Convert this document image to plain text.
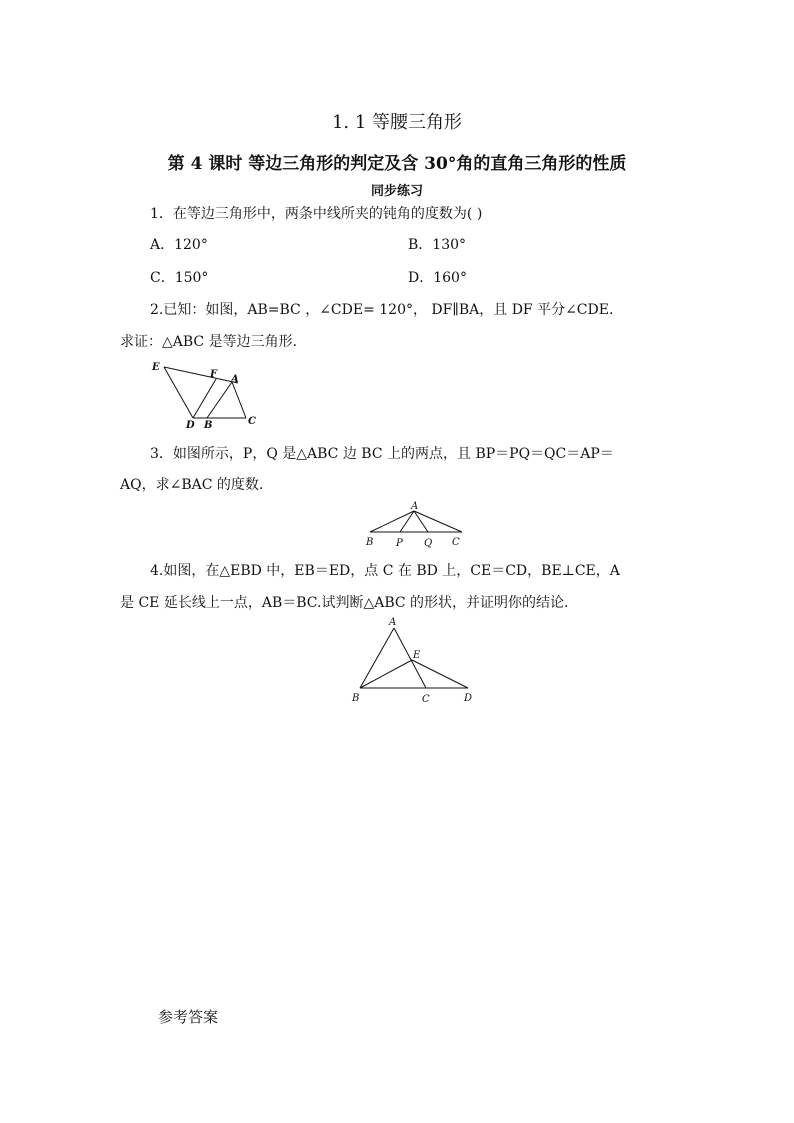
1. 1 等腰三角形
第 4 课时 等边三角形的判定及含 30°角的直角三角形的性质
同步练习
1．在等边三角形中，两条中线所夹的钝角的度数为( )
A．120°	B．130°
C．150°	D．160°
2.已知：如图，AB=BC ，∠CDE= 120°， DF∥BA，且 DF 平分∠CDE.
求证：△ABC 是等边三角形.
E
F A
D B	C
3．如图所示，P，Q 是△ABC 边 BC 上的两点，且 BP＝PQ＝QC＝AP＝
AQ，求∠BAC 的度数.
A
B P Q C
4.如图，在△EBD 中，EB＝ED，点 C 在 BD 上，CE＝CD，BE⊥CE，A
是 CE 延长线上一点，AB＝BC.试判断△ABC 的形状，并证明你的结论.
A
E
B	C	D
参考答案
